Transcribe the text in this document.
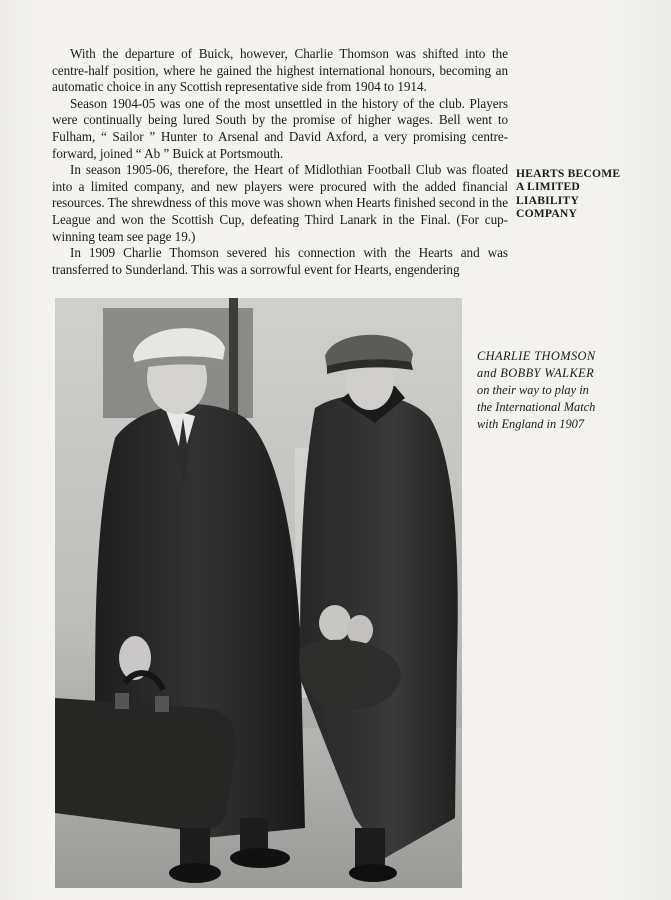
With the departure of Buick, however, Charlie Thomson was shifted into the centre-half position, where he gained the highest international honours, becoming an automatic choice in any Scottish representative side from 1904 to 1914.

Season 1904-05 was one of the most unsettled in the history of the club. Players were continually being lured South by the promise of higher wages. Bell went to Fulham, “ Sailor ” Hunter to Arsenal and David Axford, a very promising centre-forward, joined “ Ab ” Buick at Portsmouth.

In season 1905-06, therefore, the Heart of Midlothian Football Club was floated into a limited company, and new players were procured with the added financial resources. The shrewdness of this move was shown when Hearts finished second in the League and won the Scottish Cup, defeating Third Lanark in the Final. (For cup-winning team see page 19.)

In 1909 Charlie Thomson severed his connection with the Hearts and was transferred to Sunderland. This was a sorrowful event for Hearts, engendering

HEARTS BECOME
A LIMITED
LIABILITY
COMPANY
CHARLIE THOMSON
and BOBBY WALKER
on their way to play in
the International Match
with England in 1907
